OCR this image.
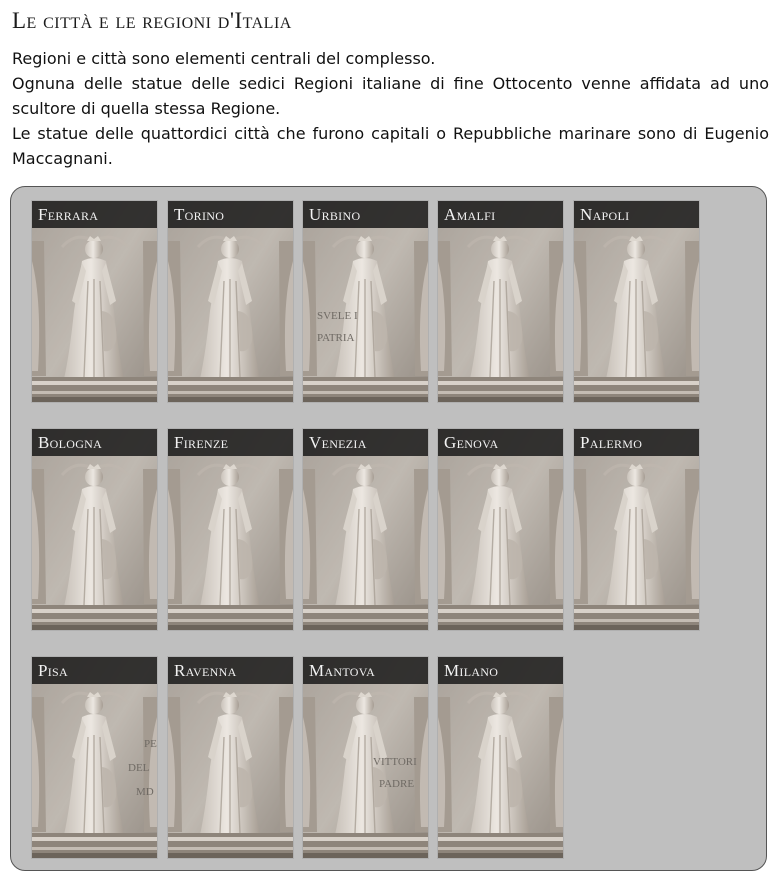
Le città e le regioni d'Italia

Regioni e città sono elementi centrali del complesso.

Ognuna delle statue delle sedici Regioni italiane di fine Ottocento venne affidata ad uno scultore di quella stessa Regione.

Le statue delle quattordici città che furono capitali o Repubbliche marinare sono di Eugenio Maccagnani.

Ferrara	Torino
SVELE I
PATRIA
Urbino	Amalfi	Napoli
Bologna	Firenze	Venezia	Genova	Palermo
PE
DEL
MD
Pisa	Ravenna
VITTORI
PADRE
Mantova	Milano
